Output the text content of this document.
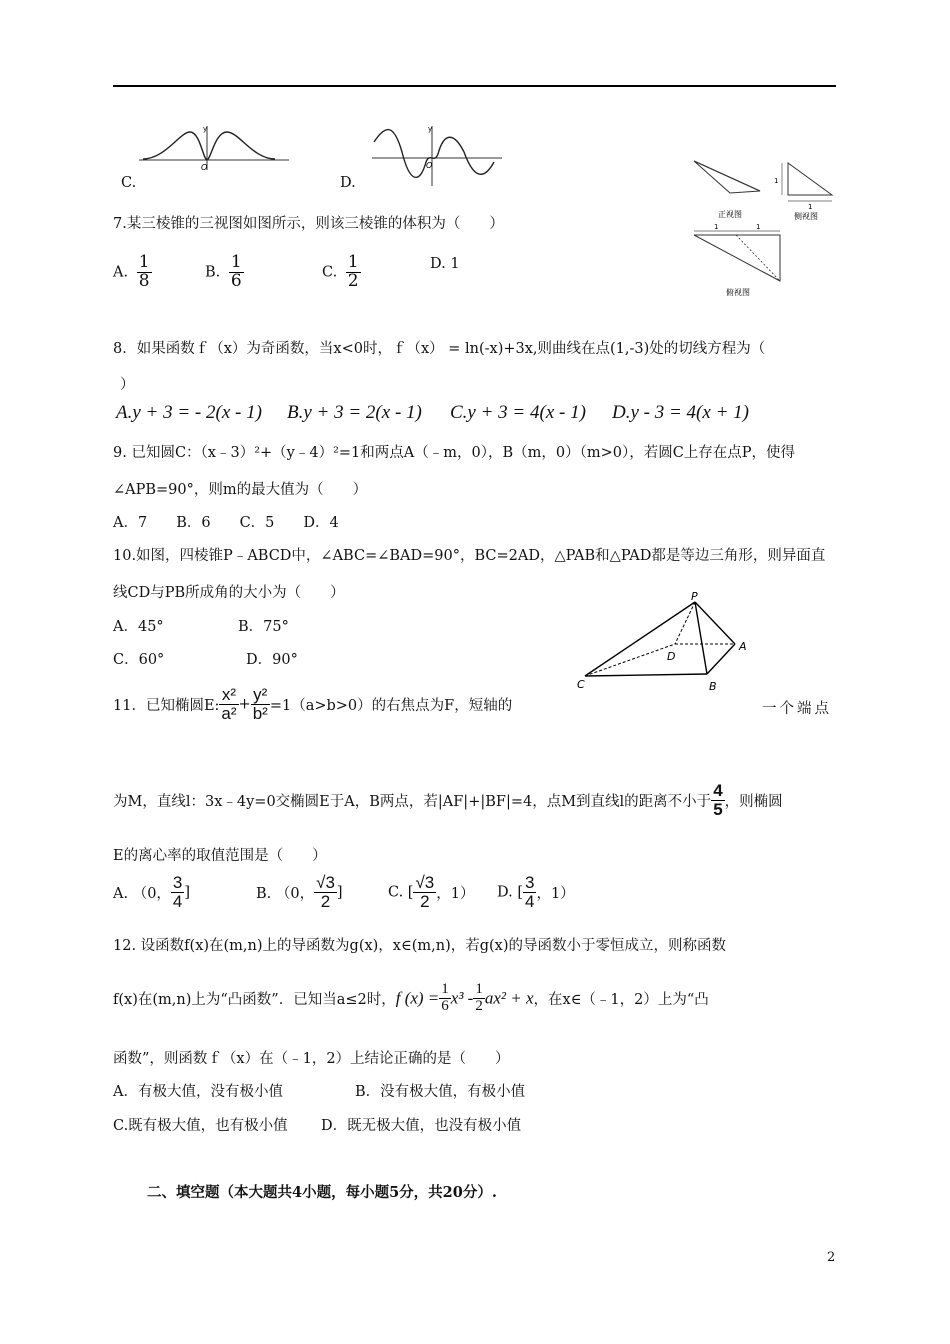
O
y
C.
O
y
D.
正视图
1
1
侧视图
1	1
俯视图
7.某三棱锥的三视图如图所示，则该三棱锥的体积为（　　）
A. $\frac{1}{8}$	B. $\frac{1}{6}$	C. $\frac{1}{2}$	D. 1
8．如果函数ｆ（x）为奇函数，当x<0时，ｆ（x） = ln(-x)+3x,则曲线在点(1,-3)处的切线方程为（
）
A.y + 3 = - 2(x - 1) B.y + 3 = 2(x - 1) C.y + 3 = 4(x - 1) D.y - 3 = 4(x + 1)
9. 已知圆C：（x﹣3）²+（y﹣4）²=1和两点A（﹣m，0），B（m，0）（m>0），若圆C上存在点P，使得
∠APB=90°，则m的最大值为（　　）
A．7　　B．6　　C．5　　D．4
10.如图，四棱锥P﹣ABCD中，∠ABC=∠BAD=90°，BC=2AD，△PAB和△PAD都是等边三角形，则异面直
线CD与PB所成角的大小为（　　）
A．45°	B．75°
C．60°	D．90°
P
A
B
C
D
11．已知椭圆E: $\frac{\text{x²}}{\text{a²}} + \frac{\text{y²}}{\text{b²}} =1(a>b>0)$的右焦点为F，短轴的	一个端点
为M，直线l：3x﹣4y=0交椭圆E于A，B两点，若|AF|+|BF|=4，点M到直线l的距离不小于 $\frac{4}{5}$ ，则椭圆
E的离心率的取值范围是（　　）
A. （0， $\frac{3}{4}$ ]	B. （0， $\frac{√3}{2}$ ]	C. [ $\frac{√3}{2}$ ，1） D. [ $\frac{3}{4}$ ，1）
12. 设函数f(x)在(m,n)上的导函数为g(x)，x∈(m,n)，若g(x)的导函数小于零恒成立，则称函数
f(x)在(m,n)上为“凸函数”．已知当a≤2时，f $(x) = \frac{1}{6} x^3 - \frac{1}{2} ax^2 + x$，在x∈（﹣1，2）上为“凸
函数”，则函数ｆ（x）在（﹣1，2）上结论正确的是（　　）
A．有极大值，没有极小值	B．没有极大值，有极小值
C.既有极大值，也有极小值 D．既无极大值，也没有极小值
二、填空题（本大题共4小题，每小题5分，共20分）.
2
